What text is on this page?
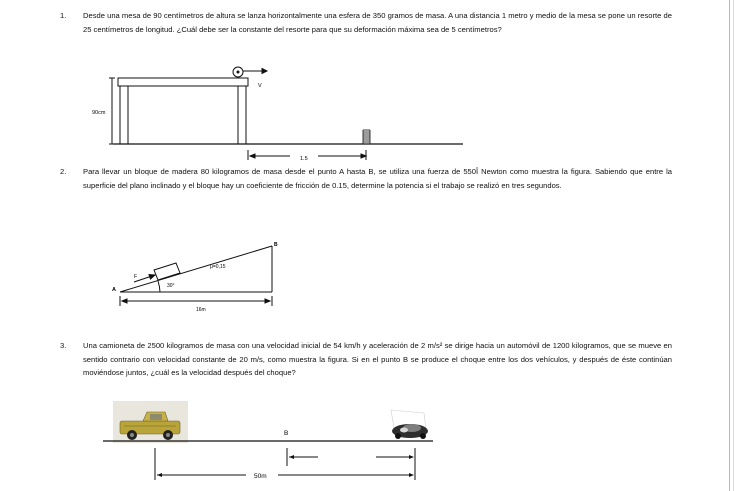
1. Desde una mesa de 90 centímetros de altura se lanza horizontalmente una esfera de 350 gramos de masa. A una distancia 1 metro y medio de la mesa se pone un resorte de 25 centímetros de longitud. ¿Cuál debe ser la constante del resorte para que su deformación máxima sea de 5 centímetros?
90cm
V
1.5
A
B
F
μ=0,15
30°
16m
B
50m
2. Para llevar un bloque de madera 80 kilogramos de masa desde el punto A hasta B, se utiliza una fuerza de 550Î Newton como muestra la figura. Sabiendo que entre la superficie del plano inclinado y el bloque hay un coeficiente de fricción de 0.15, determine la potencia si el trabajo se realizó en tres segundos.
3. Una camioneta de 2500 kilogramos de masa con una velocidad inicial de 54 km/h y aceleración de 2 m/s² se dirige hacia un automóvil de 1200 kilogramos, que se mueve en sentido contrario con velocidad constante de 20 m/s, como muestra la figura. Si en el punto B se produce el choque entre los dos vehículos, y después de éste continúan moviéndose juntos, ¿cuál es la velocidad después del choque?
